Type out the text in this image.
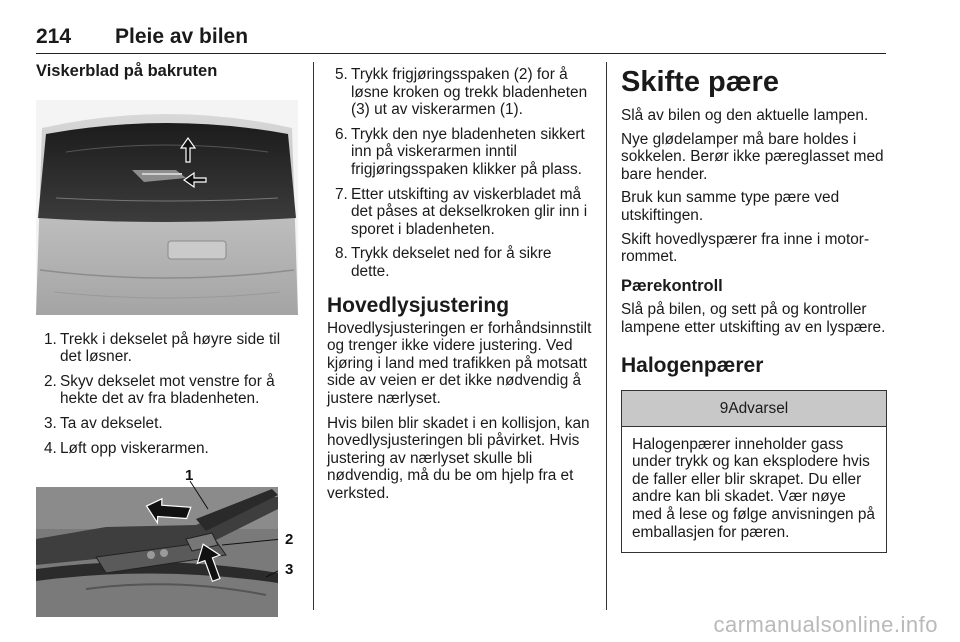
214 Pleie av bilen
Viskerblad på bakruten
1. Trekk i dekselet på høyre side til det løsner.
2. Skyv dekselet mot venstre for å hekte det av fra bladenheten.
3. Ta av dekselet.
4. Løft opp viskerarmen.
1
2
3
5. Trykk frigjøringsspaken (2) for å løsne kroken og trekk bladenheten (3) ut av viskerarmen (1).
6. Trykk den nye bladenheten sikkert inn på viskerarmen inntil frigjøringsspaken klikker på plass.
7. Etter utskifting av viskerbladet må det påses at dekselkroken glir inn i sporet i bladenheten.
8. Trykk dekselet ned for å sikre dette.
Hovedlysjustering

Hovedlysjusteringen er forhåndsinnstilt og trenger ikke videre justering. Ved kjøring i land med trafikken på motsatt side av veien er det ikke nødvendig å justere nærlyset.

Hvis bilen blir skadet i en kollisjon, kan hovedlysjusteringen bli påvirket. Hvis justering av nærlyset skulle bli nødvendig, må du be om hjelp fra et verksted.

Skifte pære

Slå av bilen og den aktuelle lampen.

Nye glødelamper må bare holdes i sokkelen. Berør ikke pæreglasset med bare hender.

Bruk kun samme type pære ved utskiftingen.

Skift hovedlyspærer fra inne i motorrommet.

Pærekontroll

Slå på bilen, og sett på og kontroller lampene etter utskifting av en lyspære.

Halogenpærer
9Advarsel
Halogenpærer inneholder gass under trykk og kan eksplodere hvis de faller eller blir skrapet. Du eller andre kan bli skadet. Vær nøye med å lese og følge anvisningen på emballasjen for pæren.
carmanualsonline.info
